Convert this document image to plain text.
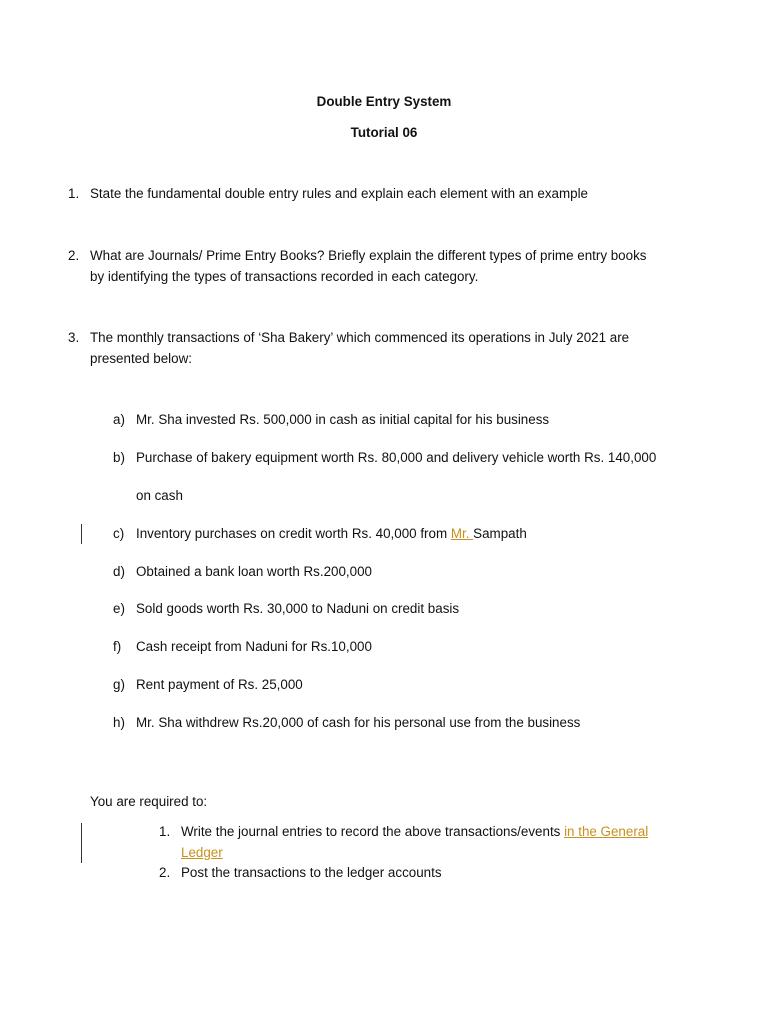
Double Entry System
Tutorial 06
1. State the fundamental double entry rules and explain each element with an example
2. What are Journals/ Prime Entry Books? Briefly explain the different types of prime entry books
by identifying the types of transactions recorded in each category.
3. The monthly transactions of ‘Sha Bakery’ which commenced its operations in July 2021 are
presented below:
a) Mr. Sha invested Rs. 500,000 in cash as initial capital for his business
b) Purchase of bakery equipment worth Rs. 80,000 and delivery vehicle worth Rs. 140,000
on cash
c) Inventory purchases on credit worth Rs. 40,000 from Mr. Sampath
d) Obtained a bank loan worth Rs.200,000
e) Sold goods worth Rs. 30,000 to Naduni on credit basis
f) Cash receipt from Naduni for Rs.10,000
g) Rent payment of Rs. 25,000
h) Mr. Sha withdrew Rs.20,000 of cash for his personal use from the business
You are required to:
1. Write the journal entries to record the above transactions/events in the General
Ledger
2. Post the transactions to the ledger accounts
